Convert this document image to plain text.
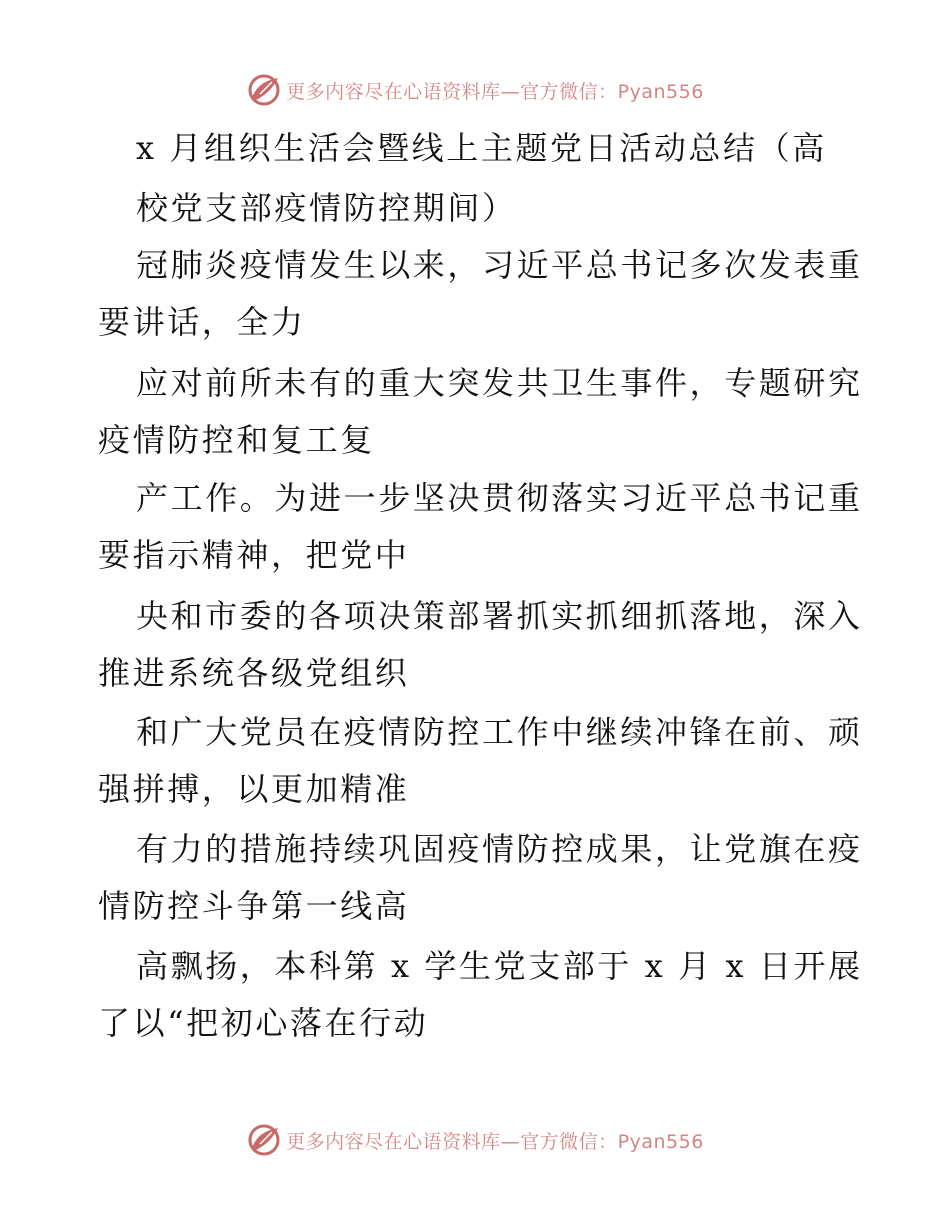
更多内容尽在心语资料库—官方微信：Pyan556
x 月组织生活会暨线上主题党日活动总结（高
校党支部疫情防控期间）
冠肺炎疫情发生以来，习近平总书记多次发表重
要讲话，全力
应对前所未有的重大突发共卫生事件，专题研究
疫情防控和复工复
产工作。为进一步坚决贯彻落实习近平总书记重
要指示精神，把党中
央和市委的各项决策部署抓实抓细抓落地，深入
推进系统各级党组织
和广大党员在疫情防控工作中继续冲锋在前、顽
强拼搏，以更加精准
有力的措施持续巩固疫情防控成果，让党旗在疫
情防控斗争第一线高
高飘扬，本科第 x 学生党支部于 x 月 x 日开展
了以“把初心落在行动
更多内容尽在心语资料库—官方微信：Pyan556
